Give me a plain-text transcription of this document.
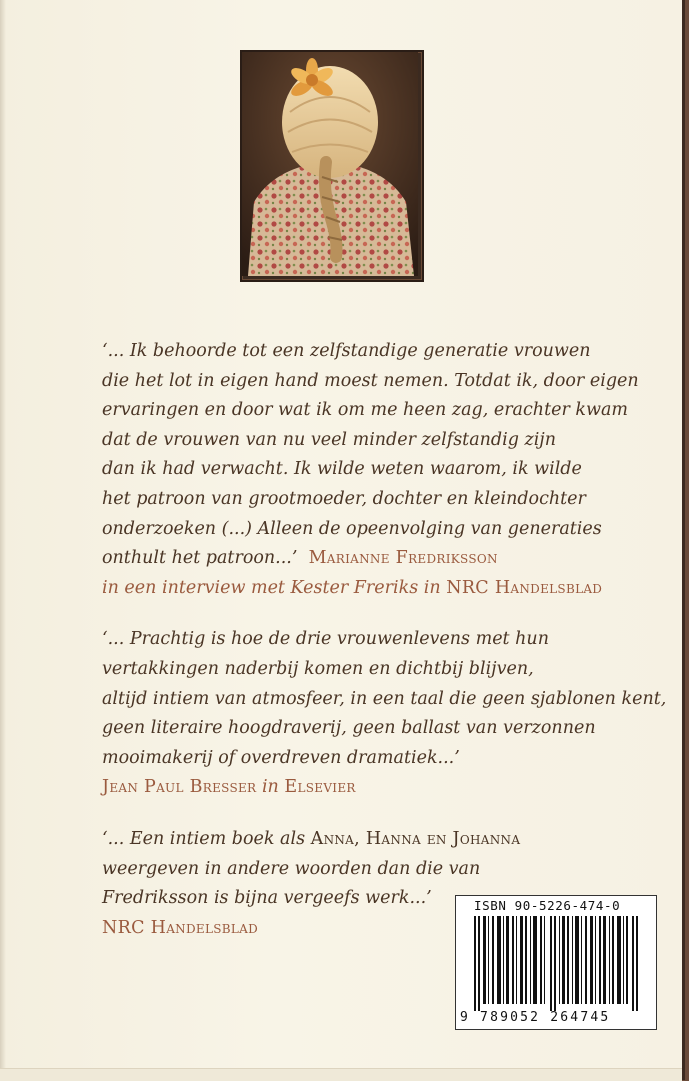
‘... Ik behoorde tot een zelfstandige generatie vrouwen
die het lot in eigen hand moest nemen. Totdat ik, door eigen
ervaringen en door wat ik om me heen zag, erachter kwam
dat de vrouwen van nu veel minder zelfstandig zijn
dan ik had verwacht. Ik wilde weten waarom, ik wilde
het patroon van grootmoeder, dochter en kleindochter
onderzoeken (...) Alleen de opeenvolging van generaties
onthult het patroon...’ Marianne Fredriksson
in een interview met Kester Freriks in NRC Handelsblad
‘... Prachtig is hoe de drie vrouwenlevens met hun
vertakkingen naderbij komen en dichtbij blijven,
altijd intiem van atmosfeer, in een taal die geen sjablonen kent,
geen literaire hoogdraverij, geen ballast van verzonnen
mooimakerij of overdreven dramatiek...’
Jean Paul Bresser in Elsevier
‘... Een intiem boek als Anna, Hanna en Johanna
weergeven in andere woorden dan die van
Fredriksson is bijna vergeefs werk...’
NRC Handelsblad
ISBN 90-5226-474-0
9 789052 264745
